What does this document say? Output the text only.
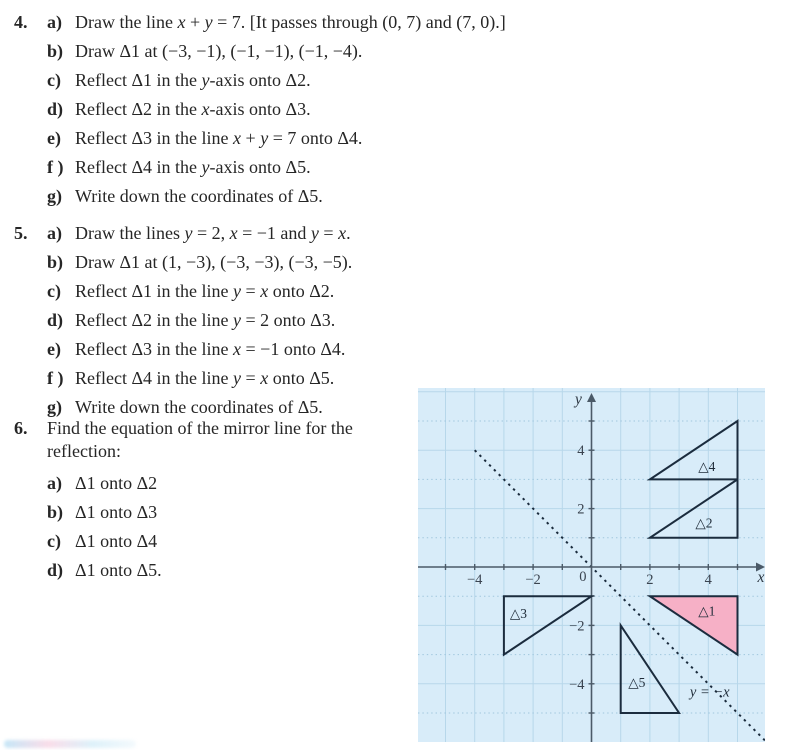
4.	a) Draw the line x + y = 7. [It passes through (0, 7) and (7, 0).]
b) Draw Δ1 at (−3, −1), (−1, −1), (−1, −4).
c) Reflect Δ1 in the y-axis onto Δ2.
d) Reflect Δ2 in the x-axis onto Δ3.
e) Reflect Δ3 in the line x + y = 7 onto Δ4.
f ) Reflect Δ4 in the y-axis onto Δ5.
g) Write down the coordinates of Δ5.
5.	a) Draw the lines y = 2, x = −1 and y = x.
b) Draw Δ1 at (1, −3), (−3, −3), (−3, −5).
c) Reflect Δ1 in the line y = x onto Δ2.
d) Reflect Δ2 in the line y = 2 onto Δ3.
e) Reflect Δ3 in the line x = −1 onto Δ4.
f ) Reflect Δ4 in the line y = x onto Δ5.
g) Write down the coordinates of Δ5.
6.	Find the equation of the mirror line for the
reflection:
a) Δ1 onto Δ2
b) Δ1 onto Δ3
c) Δ1 onto Δ4
d) Δ1 onto Δ5.	−4	−2	2	4
4
2
−2
−4
0	x
y
△1
△2
△3
△4
△5
y = −x
